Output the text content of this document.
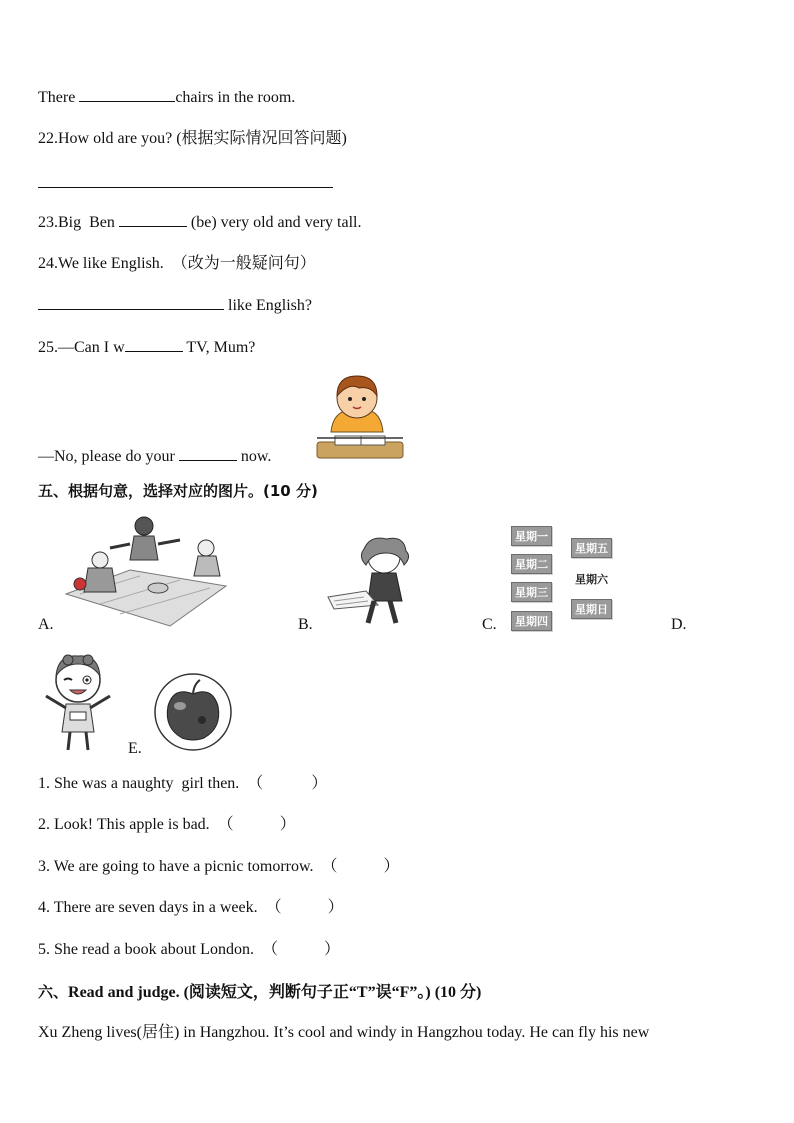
There	chairs in the room.
22.How old are you? (根据实际情况回答问题)
23.Big  Ben	(be) very old and very tall.
24.We like English.  （改为一般疑问句）
like English?
25.—Can I w	TV, Mum?
—No, please do your	now.
五、根据句意，选择对应的图片。(10 分)
A.	B.	C.
星期一
星期二
星期三
星期四
星期五
星期六
星期日
D.
E.
1. She was a naughty  girl then.  （	）
2. Look! This apple is bad.  （	）
3. We are going to have a picnic tomorrow.  （	）
4. There are seven days in a week.  （	）
5. She read a book about London.  （	）
六、Read and judge. (阅读短文，判断句子正“T”误“F”。) (10 分)
Xu Zheng lives(居住) in Hangzhou. It’s cool and windy in Hangzhou today. He can fly his new
